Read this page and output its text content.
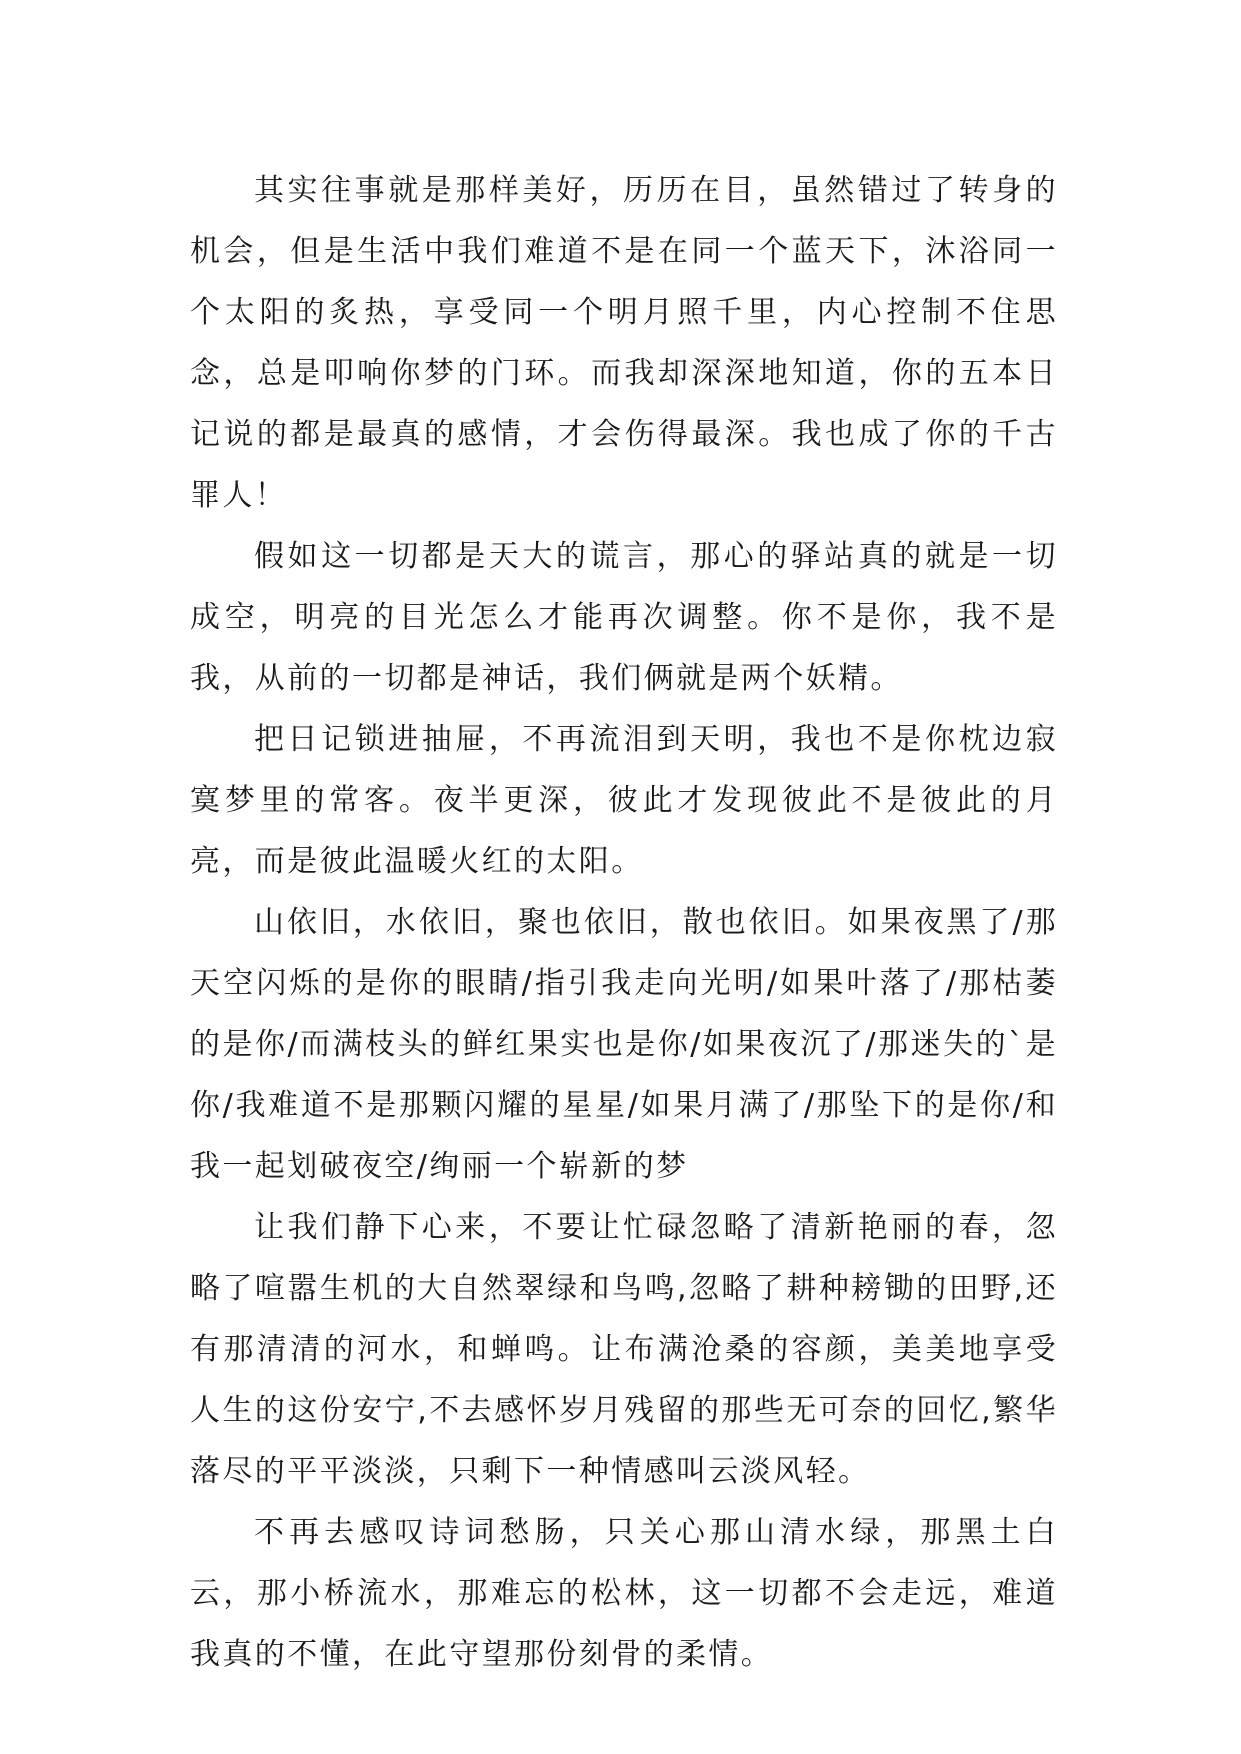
其实往事就是那样美好，历历在目，虽然错过了转身的机会，但是生活中我们难道不是在同一个蓝天下，沐浴同一个太阳的炙热，享受同一个明月照千里，内心控制不住思念，总是叩响你梦的门环。而我却深深地知道，你的五本日记说的都是最真的感情，才会伤得最深。我也成了你的千古罪人！

假如这一切都是天大的谎言，那心的驿站真的就是一切成空，明亮的目光怎么才能再次调整。你不是你，我不是我，从前的一切都是神话，我们俩就是两个妖精。

把日记锁进抽屉，不再流泪到天明，我也不是你枕边寂寞梦里的常客。夜半更深，彼此才发现彼此不是彼此的月亮，而是彼此温暖火红的太阳。

山依旧，水依旧，聚也依旧，散也依旧。如果夜黑了/那天空闪烁的是你的眼睛/指引我走向光明/如果叶落了/那枯萎的是你/而满枝头的鲜红果实也是你/如果夜沉了/那迷失的`是你/我难道不是那颗闪耀的星星/如果月满了/那坠下的是你/和我一起划破夜空/绚丽一个崭新的梦

让我们静下心来，不要让忙碌忽略了清新艳丽的春，忽略了喧嚣生机的大自然翠绿和鸟鸣,忽略了耕种耪锄的田野,还有那清清的河水，和蝉鸣。让布满沧桑的容颜，美美地享受人生的这份安宁,不去感怀岁月残留的那些无可奈的回忆,繁华落尽的平平淡淡，只剩下一种情感叫云淡风轻。

不再去感叹诗词愁肠，只关心那山清水绿，那黑土白云，那小桥流水，那难忘的松林，这一切都不会走远，难道我真的不懂，在此守望那份刻骨的柔情。
